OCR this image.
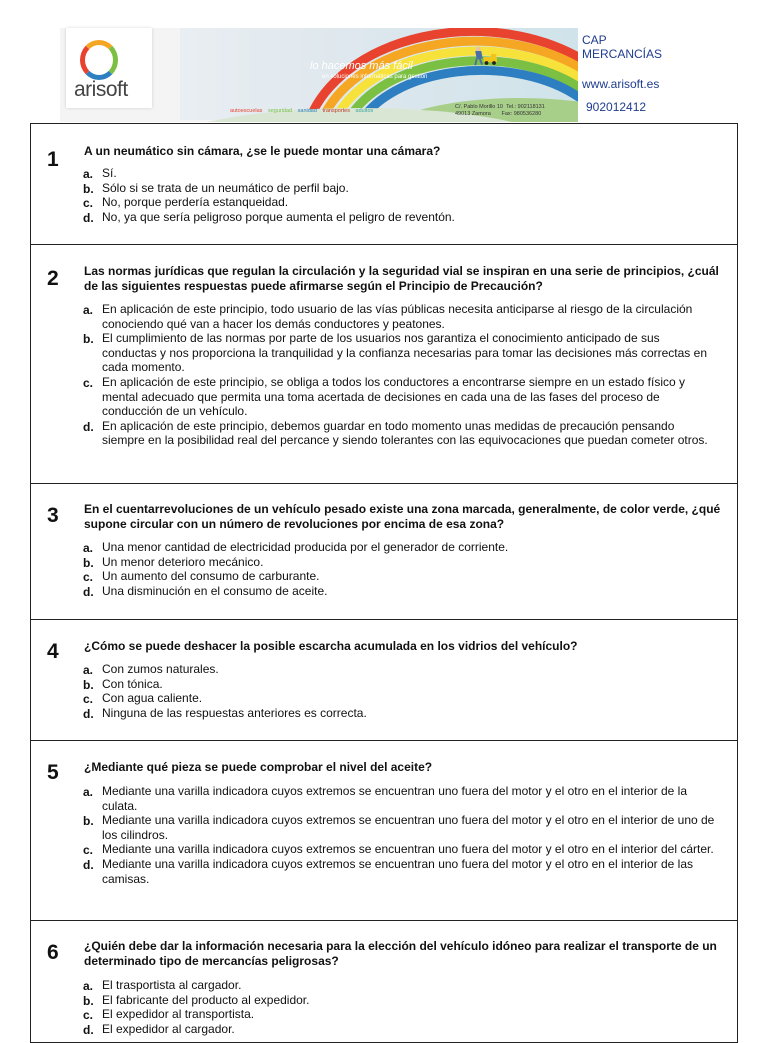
lo hacemos más fácil
en soluciones informáticas para gestión
autoescuelas seguridad sanidad transportes adultos
C/. Pablo Morillo 10 Tel.: 902118131
49013 Zamora Fax: 980536280
arisoft
CAP
MERCANCÍAS
www.arisoft.es
902012412
1 A un neumático sin cámara, ¿se le puede montar una cámara?
a. Sí.
b. Sólo si se trata de un neumático de perfil bajo.
c. No, porque perdería estanqueidad.
d. No, ya que sería peligroso porque aumenta el peligro de reventón.
2 Las normas jurídicas que regulan la circulación y la seguridad vial se inspiran en una serie de principios, ¿cuál de las siguientes respuestas puede afirmarse según el Principio de Precaución?
a. En aplicación de este principio, todo usuario de las vías públicas necesita anticiparse al riesgo de la circulación conociendo qué van a hacer los demás conductores y peatones.
b. El cumplimiento de las normas por parte de los usuarios nos garantiza el conocimiento anticipado de sus conductas y nos proporciona la tranquilidad y la confianza necesarias para tomar las decisiones más correctas en cada momento.
c. En aplicación de este principio, se obliga a todos los conductores a encontrarse siempre en un estado físico y mental adecuado que permita una toma acertada de decisiones en cada una de las fases del proceso de conducción de un vehículo.
d. En aplicación de este principio, debemos guardar en todo momento unas medidas de precaución pensando siempre en la posibilidad real del percance y siendo tolerantes con las equivocaciones que puedan cometer otros.
3 En el cuentarrevoluciones de un vehículo pesado existe una zona marcada, generalmente, de color verde, ¿qué supone circular con un número de revoluciones por encima de esa zona?
a. Una menor cantidad de electricidad producida por el generador de corriente.
b. Un menor deterioro mecánico.
c. Un aumento del consumo de carburante.
d. Una disminución en el consumo de aceite.
4 ¿Cómo se puede deshacer la posible escarcha acumulada en los vidrios del vehículo?
a. Con zumos naturales.
b. Con tónica.
c. Con agua caliente.
d. Ninguna de las respuestas anteriores es correcta.
5 ¿Mediante qué pieza se puede comprobar el nivel del aceite?
a. Mediante una varilla indicadora cuyos extremos se encuentran uno fuera del motor y el otro en el interior de la culata.
b. Mediante una varilla indicadora cuyos extremos se encuentran uno fuera del motor y el otro en el interior de uno de los cilindros.
c. Mediante una varilla indicadora cuyos extremos se encuentran uno fuera del motor y el otro en el interior del cárter.
d. Mediante una varilla indicadora cuyos extremos se encuentran uno fuera del motor y el otro en el interior de las camisas.
6 ¿Quién debe dar la información necesaria para la elección del vehículo idóneo para realizar el transporte de un determinado tipo de mercancías peligrosas?
a. El trasportista al cargador.
b. El fabricante del producto al expedidor.
c. El expedidor al transportista.
d. El expedidor al cargador.
